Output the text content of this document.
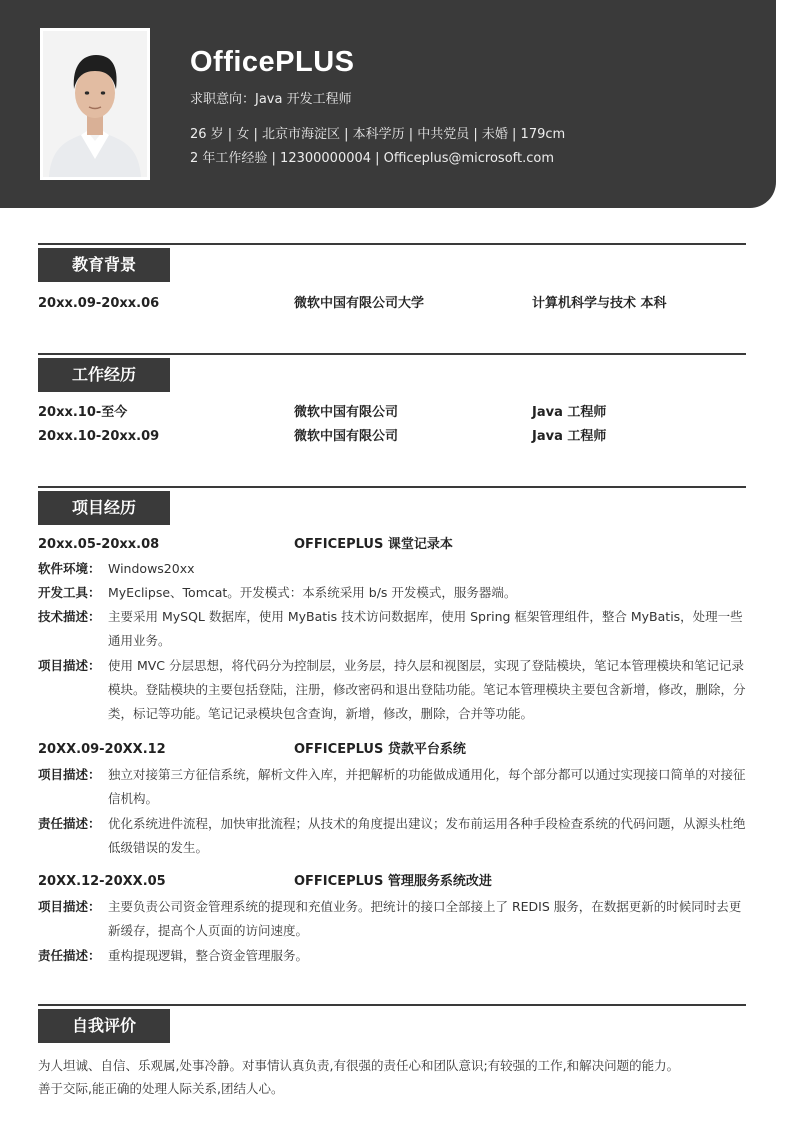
OfficePLUS
求职意向：Java 开发工程师
26 岁 | 女 | 北京市海淀区 | 本科学历 | 中共党员 | 未婚 | 179cm
2 年工作经验 | 12300000004 | Officeplus@microsoft.com
教育背景
20xx.09-20xx.06	微软中国有限公司大学	计算机科学与技术 本科
工作经历
20xx.10-至今	微软中国有限公司	Java 工程师
20xx.10-20xx.09	微软中国有限公司	Java 工程师
项目经历
20xx.05-20xx.08	OFFICEPLUS 课堂记录本
软件环境： Windows20xx
开发工具： MyEclipse、Tomcat。开发模式：本系统采用 b/s 开发模式，服务器端。
技术描述： 主要采用 MySQL 数据库，使用 MyBatis 技术访问数据库，使用 Spring 框架管理组件，整合 MyBatis，处理一些通用业务。
项目描述： 使用 MVC 分层思想，将代码分为控制层，业务层，持久层和视图层，实现了登陆模块，笔记本管理模块和笔记记录模块。登陆模块的主要包括登陆，注册，修改密码和退出登陆功能。笔记本管理模块主要包含新增，修改，删除，分类，标记等功能。笔记记录模块包含查询，新增，修改，删除，合并等功能。
20XX.09-20XX.12	OFFICEPLUS 贷款平台系统
项目描述： 独立对接第三方征信系统，解析文件入库，并把解析的功能做成通用化，每个部分都可以通过实现接口简单的对接征信机构。
责任描述： 优化系统进件流程，加快审批流程；从技术的角度提出建议；发布前运用各种手段检查系统的代码问题，从源头杜绝低级错误的发生。
20XX.12-20XX.05	OFFICEPLUS 管理服务系统改进
项目描述： 主要负责公司资金管理系统的提现和充值业务。把统计的接口全部接上了 REDIS 服务，在数据更新的时候同时去更新缓存，提高个人页面的访问速度。
责任描述： 重构提现逻辑，整合资金管理服务。
自我评价
为人坦诚、自信、乐观属,处事冷静。对事情认真负责,有很强的责任心和团队意识;有较强的工作,和解决问题的能力。
善于交际,能正确的处理人际关系,团结人心。
